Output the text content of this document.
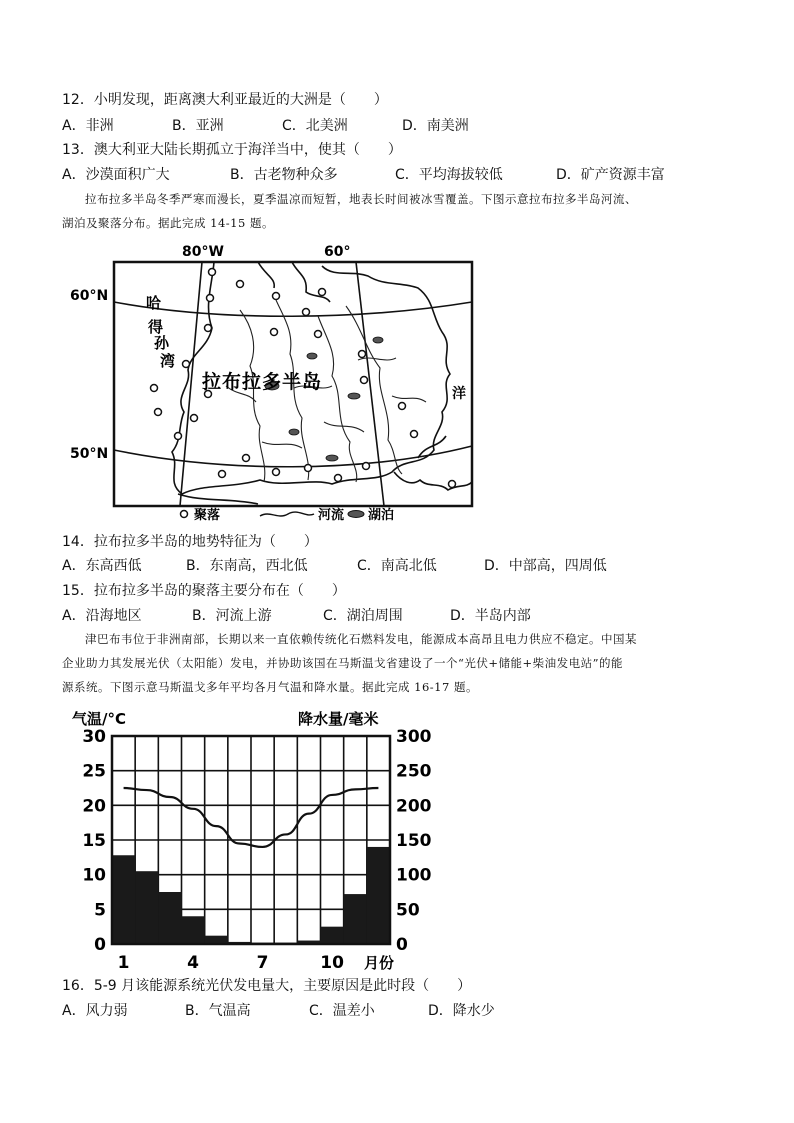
12．小明发现，距离澳大利亚最近的大洲是（　　）
A．非洲	B．亚洲	C．北美洲	D．南美洲
13．澳大利亚大陆长期孤立于海洋当中，使其（　　）
A．沙漠面积广大	B．古老物种众多	C．平均海拔较低	D．矿产资源丰富
拉布拉多半岛冬季严寒而漫长，夏季温凉而短暂，地表长时间被冰雪覆盖。下图示意拉布拉多半岛河流、
湖泊及聚落分布。据此完成 14-15 题。
80°W	60°
60°N
50°N
哈
得
孙
湾
拉布拉多半岛
洋
聚落	河流 湖泊
14．拉布拉多半岛的地势特征为（　　）
A．东高西低	B．东南高，西北低	C．南高北低	D．中部高，四周低
15．拉布拉多半岛的聚落主要分布在（　　）
A．沿海地区	B．河流上游	C．湖泊周围	D．半岛内部
津巴布韦位于非洲南部，长期以来一直依赖传统化石燃料发电，能源成本高昂且电力供应不稳定。中国某
企业助力其发展光伏（太阳能）发电，并协助该国在马斯温戈省建设了一个“光伏+储能+柴油发电站”的能
源系统。下图示意马斯温戈多年平均各月气温和降水量。据此完成 16-17 题。
气温/°C	降水量/毫米
月份
0
5
10
15
20
25
30
0
50
100
150
200
250
300
1	4	7	10
16．5-9 月该能源系统光伏发电量大，主要原因是此时段（　　）
A．风力弱	B．气温高	C．温差小	D．降水少
